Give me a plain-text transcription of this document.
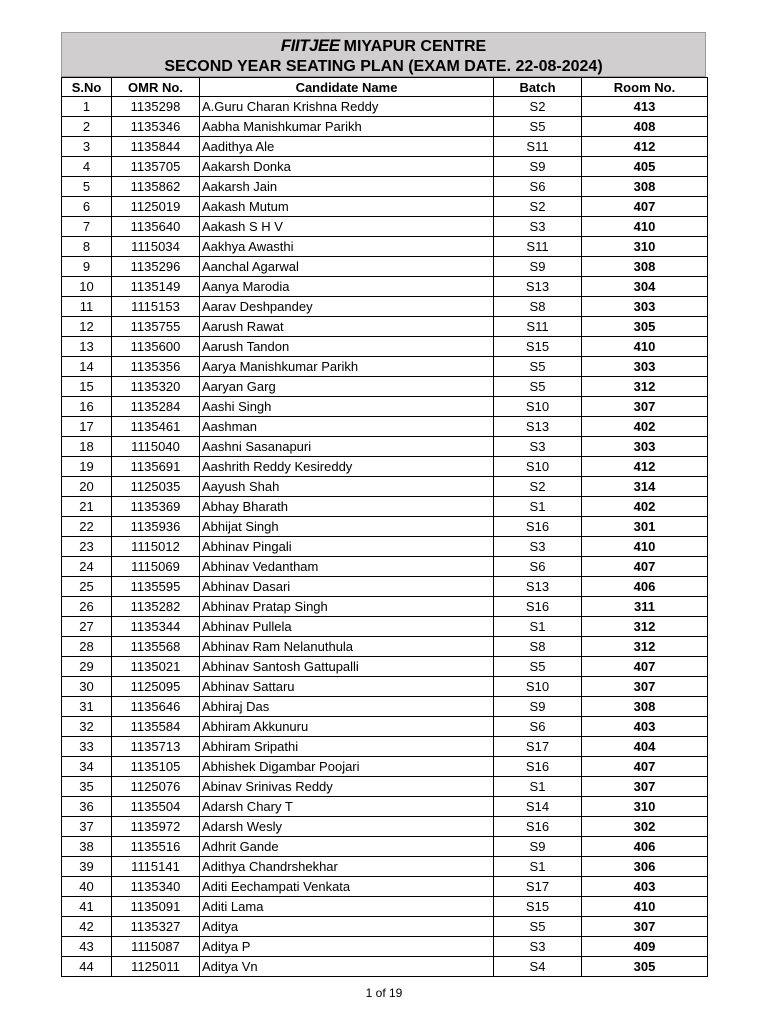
FIITJEE MIYAPUR CENTRE
SECOND YEAR SEATING PLAN (EXAM DATE. 22-08-2024)
S.No	OMR No.	Candidate Name	Batch	Room No.
1	1135298	A.Guru Charan Krishna Reddy	S2	413
2	1135346	Aabha Manishkumar Parikh	S5	408
3	1135844	Aadithya Ale	S11	412
4	1135705	Aakarsh Donka	S9	405
5	1135862	Aakarsh Jain	S6	308
6	1125019	Aakash Mutum	S2	407
7	1135640	Aakash S H V	S3	410
8	1115034	Aakhya Awasthi	S11	310
9	1135296	Aanchal Agarwal	S9	308
10	1135149	Aanya Marodia	S13	304
11	1115153	Aarav Deshpandey	S8	303
12	1135755	Aarush Rawat	S11	305
13	1135600	Aarush Tandon	S15	410
14	1135356	Aarya Manishkumar Parikh	S5	303
15	1135320	Aaryan Garg	S5	312
16	1135284	Aashi Singh	S10	307
17	1135461	Aashman	S13	402
18	1115040	Aashni Sasanapuri	S3	303
19	1135691	Aashrith Reddy Kesireddy	S10	412
20	1125035	Aayush Shah	S2	314
21	1135369	Abhay Bharath	S1	402
22	1135936	Abhijat Singh	S16	301
23	1115012	Abhinav Pingali	S3	410
24	1115069	Abhinav Vedantham	S6	407
25	1135595	Abhinav Dasari	S13	406
26	1135282	Abhinav Pratap Singh	S16	311
27	1135344	Abhinav Pullela	S1	312
28	1135568	Abhinav Ram Nelanuthula	S8	312
29	1135021	Abhinav Santosh Gattupalli	S5	407
30	1125095	Abhinav Sattaru	S10	307
31	1135646	Abhiraj Das	S9	308
32	1135584	Abhiram Akkunuru	S6	403
33	1135713	Abhiram Sripathi	S17	404
34	1135105	Abhishek Digambar Poojari	S16	407
35	1125076	Abinav Srinivas Reddy	S1	307
36	1135504	Adarsh Chary T	S14	310
37	1135972	Adarsh Wesly	S16	302
38	1135516	Adhrit Gande	S9	406
39	1115141	Adithya Chandrshekhar	S1	306
40	1135340	Aditi Eechampati Venkata	S17	403
41	1135091	Aditi Lama	S15	410
42	1135327	Aditya	S5	307
43	1115087	Aditya P	S3	409
44	1125011	Aditya Vn	S4	305
1 of 19
